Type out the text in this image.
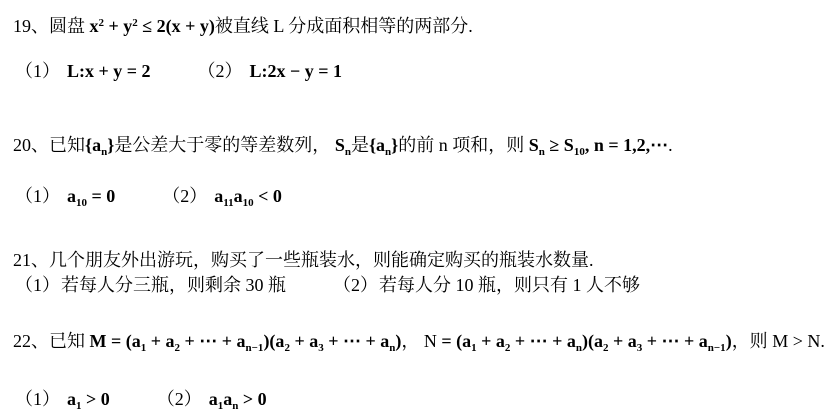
19、圆盘 $x^2 + y^2 \le 2(x + y)$被直线 L 分成面积相等的两部分.
（1） L:x + y = 2	（2） L:2x − y = 1
20、已知$\{a_n\}$是公差大于零的等差数列， $S_n$是$\{a_n\}$的前 n 项和，则 $S_n \ge S_{10}$, n = 1,2,⋯.
（1） $a_{10} = 0$	（2） $a_{11}a_{10} < 0$
21、几个朋友外出游玩，购买了一些瓶装水，则能确定购买的瓶装水数量.
（1）若每人分三瓶，则剩余 30 瓶	（2）若每人分 10 瓶，则只有 1 人不够
22、已知 $M = (a_1 + a_2$ + ⋯ + $a_{n-1})(a_2 + a_3$ + ⋯ + $a_n$)， $N = (a_1 + a_2$ + ⋯ + $a_n)(a_2 + a_3$ + ⋯ + $a_{n-1}$)，则 M > N.
（1） $a_1 > 0$	（2） $a_1a_n > 0$
